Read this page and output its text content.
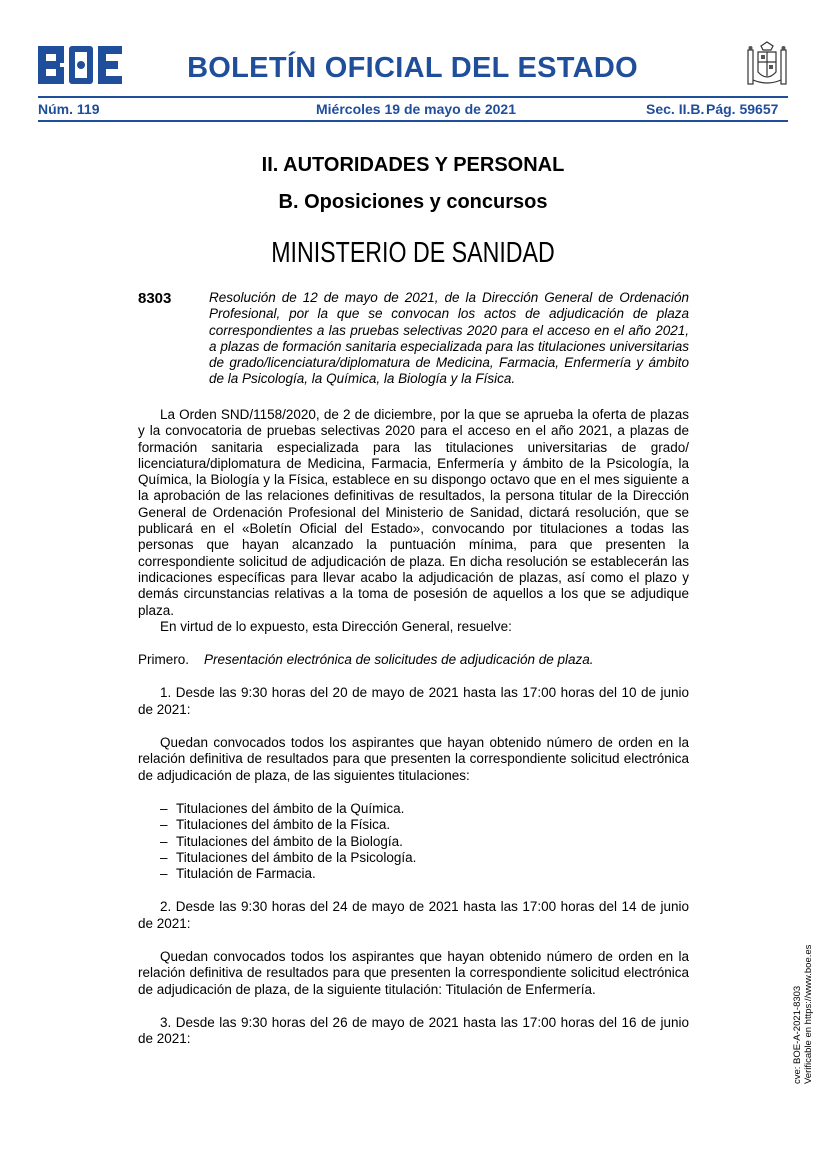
BOLETÍN OFICIAL DEL ESTADO
Núm. 119	Miércoles 19 de mayo de 2021	Sec. II.B. Pág. 59657
II. AUTORIDADES Y PERSONAL
B. Oposiciones y concursos
MINISTERIO DE SANIDAD
8303	Resolución de 12 de mayo de 2021, de la Dirección General de Ordenación Profesional, por la que se convocan los actos de adjudicación de plaza correspondientes a las pruebas selectivas 2020 para el acceso en el año 2021, a plazas de formación sanitaria especializada para las titulaciones universitarias de grado/licenciatura/diplomatura de Medicina, Farmacia, Enfermería y ámbito de la Psicología, la Química, la Biología y la Física.

La Orden SND/1158/2020, de 2 de diciembre, por la que se aprueba la oferta de plazas y la convocatoria de pruebas selectivas 2020 para el acceso en el año 2021, a plazas de formación sanitaria especializada para las titulaciones universitarias de grado/ licenciatura/diplomatura de Medicina, Farmacia, Enfermería y ámbito de la Psicología, la Química, la Biología y la Física, establece en su dispongo octavo que en el mes siguiente a la aprobación de las relaciones definitivas de resultados, la persona titular de la Dirección General de Ordenación Profesional del Ministerio de Sanidad, dictará resolución, que se publicará en el «Boletín Oficial del Estado», convocando por titulaciones a todas las personas que hayan alcanzado la puntuación mínima, para que presenten la correspondiente solicitud de adjudicación de plaza. En dicha resolución se establecerán las indicaciones específicas para llevar acabo la adjudicación de plazas, así como el plazo y demás circunstancias relativas a la toma de posesión de aquellos a los que se adjudique plaza.

En virtud de lo expuesto, esta Dirección General, resuelve:

Primero. Presentación electrónica de solicitudes de adjudicación de plaza.

1. Desde las 9:30 horas del 20 de mayo de 2021 hasta las 17:00 horas del 10 de junio de 2021:

Quedan convocados todos los aspirantes que hayan obtenido número de orden en la relación definitiva de resultados para que presenten la correspondiente solicitud electrónica de adjudicación de plaza, de las siguientes titulaciones:

– Titulaciones del ámbito de la Química.
– Titulaciones del ámbito de la Física.
– Titulaciones del ámbito de la Biología.
– Titulaciones del ámbito de la Psicología.
– Titulación de Farmacia.

2. Desde las 9:30 horas del 24 de mayo de 2021 hasta las 17:00 horas del 14 de junio de 2021:

Quedan convocados todos los aspirantes que hayan obtenido número de orden en la relación definitiva de resultados para que presenten la correspondiente solicitud electrónica de adjudicación de plaza, de la siguiente titulación: Titulación de Enfermería.

3. Desde las 9:30 horas del 26 de mayo de 2021 hasta las 17:00 horas del 16 de junio de 2021:	cve: BOE-A-2021-8303 Verificable en https://www.boe.es
